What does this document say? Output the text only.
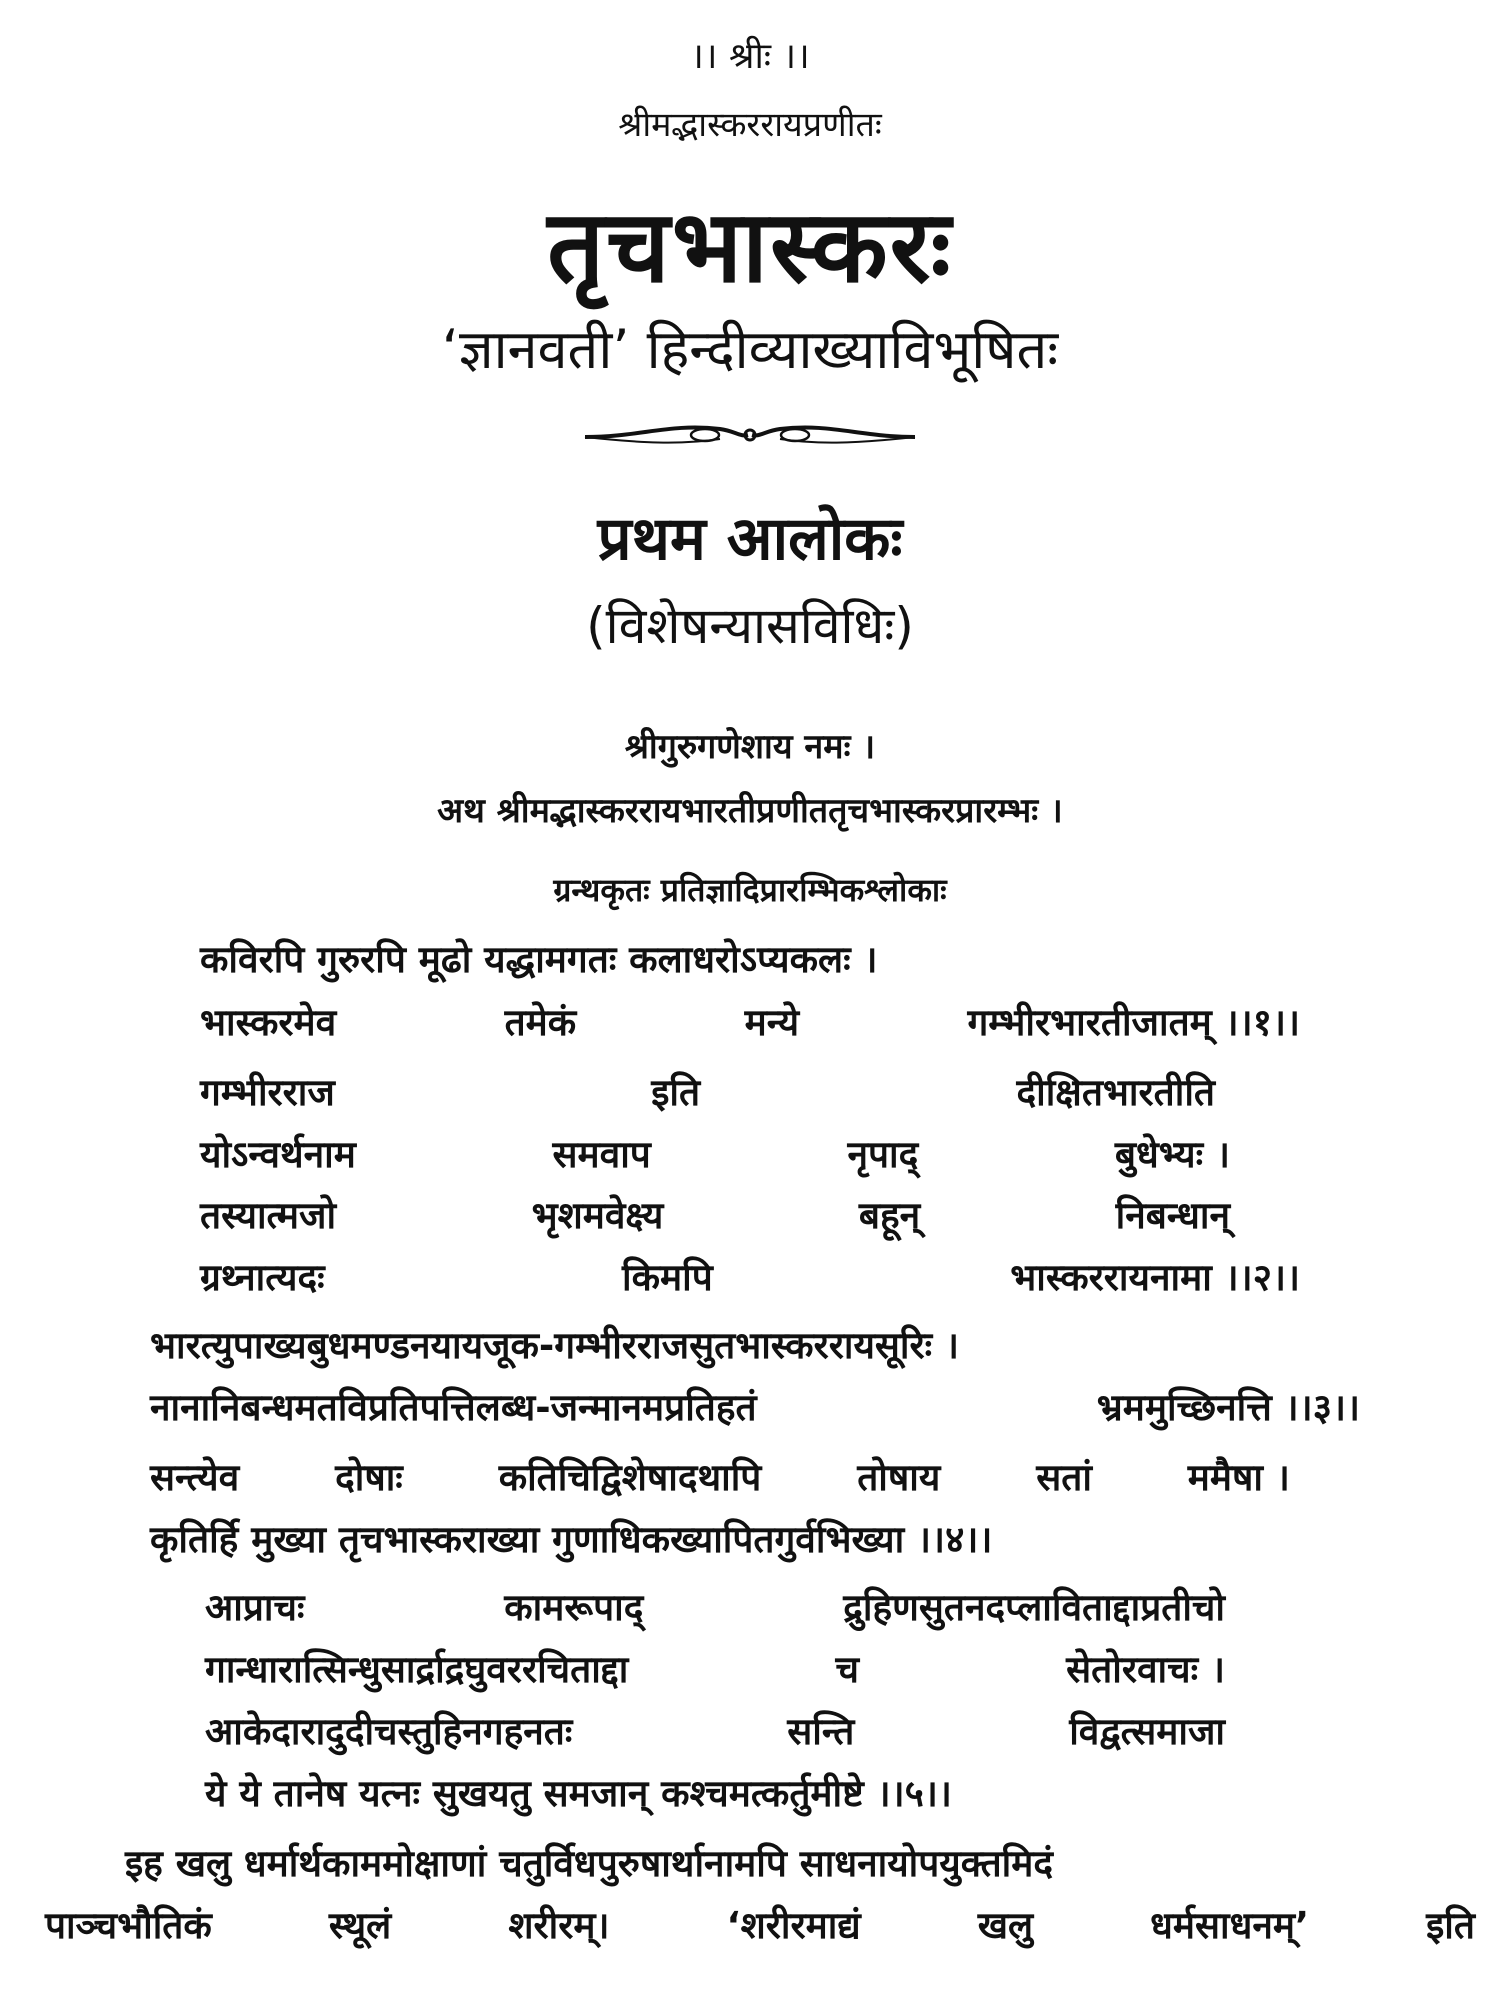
।। श्रीः ।।
श्रीमद्भास्कररायप्रणीतः
तृचभास्करः
‘ज्ञानवती’ हिन्दीव्याख्याविभूषितः
प्रथम आलोकः
(विशेषन्यासविधिः)
श्रीगुरुगणेशाय नमः ।
अथ श्रीमद्भास्कररायभारतीप्रणीततृचभास्करप्रारम्भः ।
ग्रन्थकृतः प्रतिज्ञादिप्रारम्भिकश्लोकाः
कविरपि गुरुरपि मूढो यद्धामगतः कलाधरोऽप्यकलः ।
भास्करमेव	तमेकं	मन्ये	गम्भीरभारतीजातम् ।।१।।
गम्भीरराज	इति	दीक्षितभारतीति
योऽन्वर्थनाम	समवाप	नृपाद्	बुधेभ्यः ।
तस्यात्मजो	भृशमवेक्ष्य	बहून्	निबन्धान्
ग्रथ्नात्यदः	किमपि	भास्कररायनामा ।।२।।
भारत्युपाख्यबुधमण्डनयायजूक-गम्भीरराजसुतभास्कररायसूरिः ।
नानानिबन्धमतविप्रतिपत्तिलब्ध-जन्मानमप्रतिहतं	भ्रममुच्छिनत्ति ।।३।।
सन्त्येव	दोषाः	कतिचिद्विशेषादथापि	तोषाय	सतां	ममैषा ।
कृतिर्हि मुख्या तृचभास्कराख्या गुणाधिकख्यापितगुर्वभिख्या ।।४।।
आप्राचः	कामरूपाद्	द्रुहिणसुतनदप्लाविताद्दाप्रतीचो
गान्धारात्सिन्धुसार्द्राद्रघुवररचिताद्दा	च	सेतोरवाचः ।
आकेदारादुदीचस्तुहिनगहनतः	सन्ति	विद्वत्समाजा
ये ये तानेष यत्नः सुखयतु समजान् कश्चमत्कर्तुमीष्टे ।।५।।
इह खलु धर्मार्थकाममोक्षाणां चतुर्विधपुरुषार्थानामपि साधनायोपयुक्तमिदं
पाञ्चभौतिकं	स्थूलं	शरीरम्।	‘शरीरमाद्यं	खलु	धर्मसाधनम्’	इति
